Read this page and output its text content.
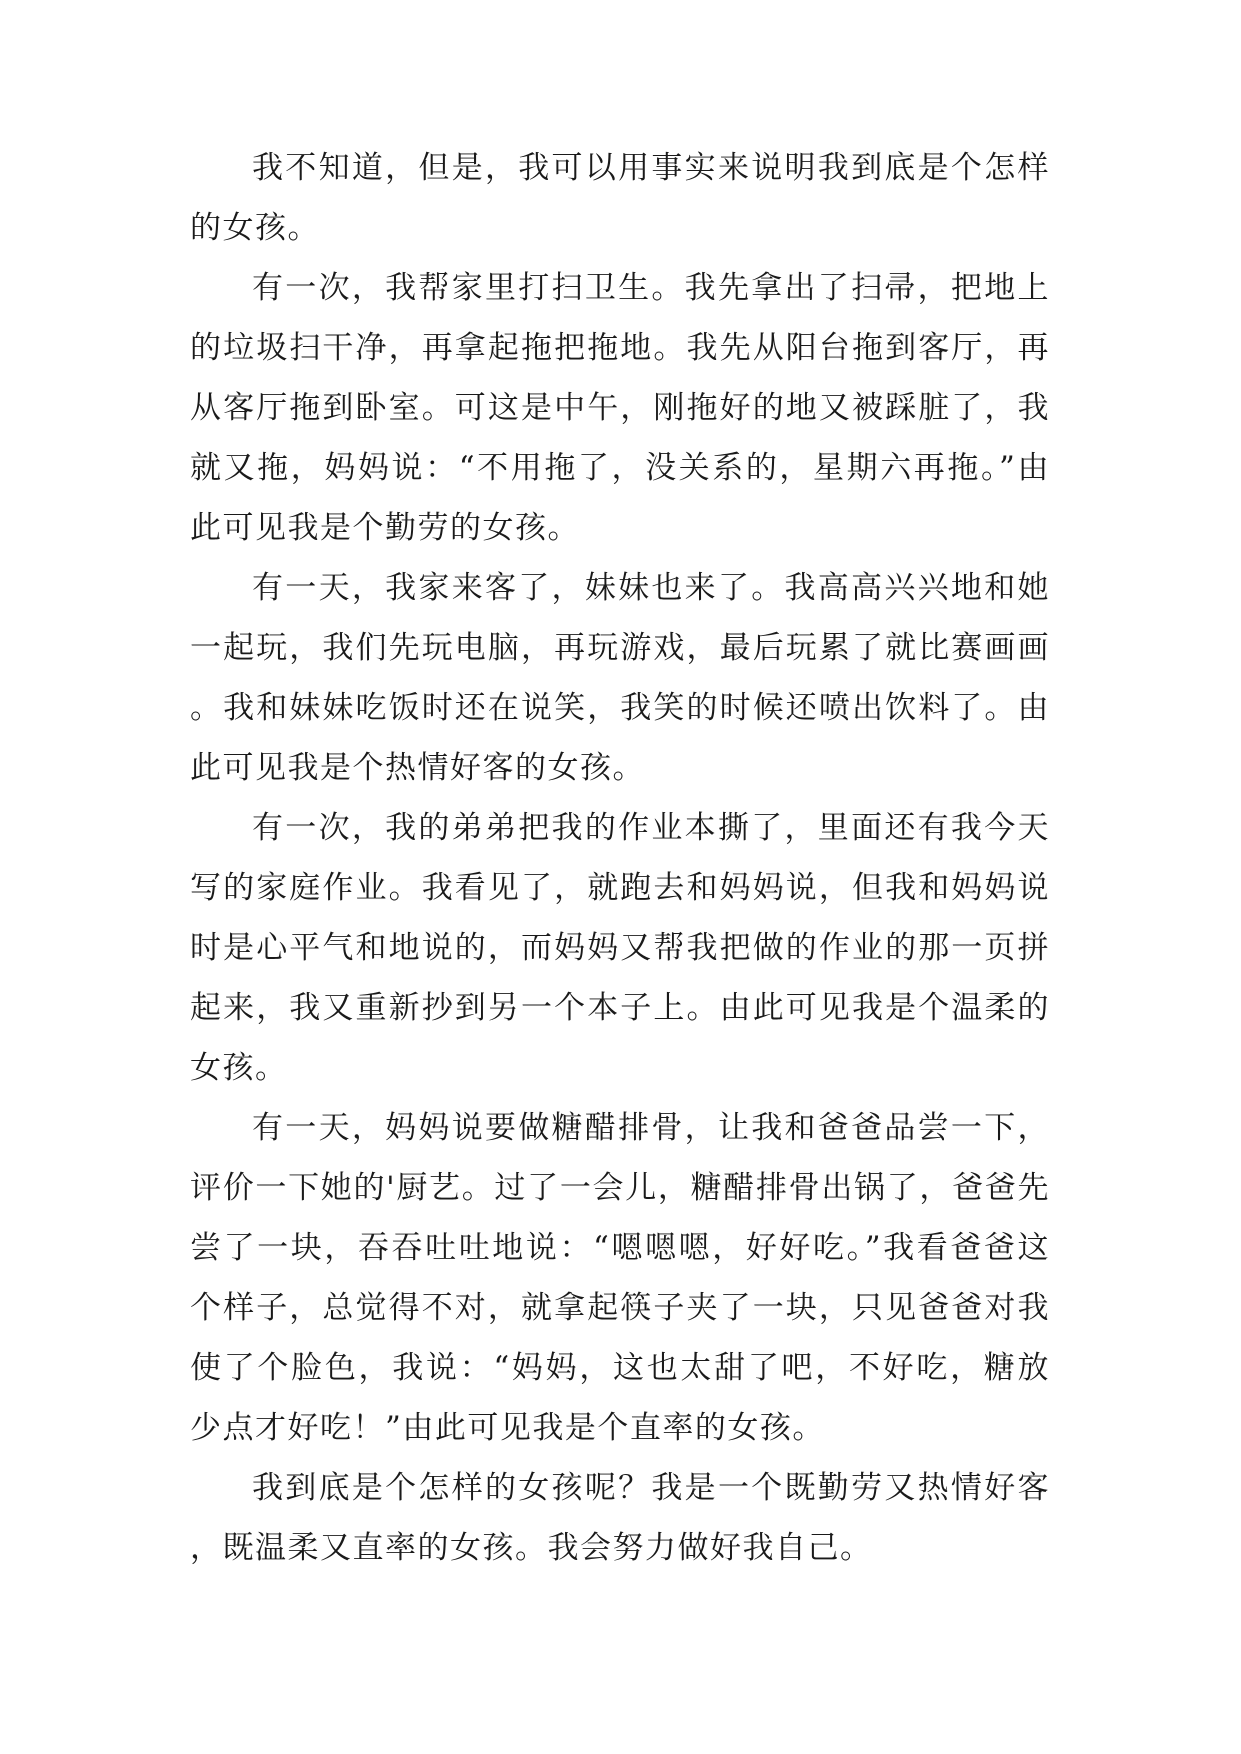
我不知道，但是，我可以用事实来说明我到底是个怎样的女孩。

有一次，我帮家里打扫卫生。我先拿出了扫帚，把地上的垃圾扫干净，再拿起拖把拖地。我先从阳台拖到客厅，再从客厅拖到卧室。可这是中午，刚拖好的地又被踩脏了，我就又拖，妈妈说：“不用拖了，没关系的，星期六再拖。”由此可见我是个勤劳的女孩。

有一天，我家来客了，妹妹也来了。我高高兴兴地和她一起玩，我们先玩电脑，再玩游戏，最后玩累了就比赛画画。我和妹妹吃饭时还在说笑，我笑的时候还喷出饮料了。由此可见我是个热情好客的女孩。

有一次，我的弟弟把我的作业本撕了，里面还有我今天写的家庭作业。我看见了，就跑去和妈妈说，但我和妈妈说时是心平气和地说的，而妈妈又帮我把做的作业的那一页拼起来，我又重新抄到另一个本子上。由此可见我是个温柔的女孩。

有一天，妈妈说要做糖醋排骨，让我和爸爸品尝一下，评价一下她的'厨艺。过了一会儿，糖醋排骨出锅了，爸爸先尝了一块，吞吞吐吐地说：“嗯嗯嗯，好好吃。”我看爸爸这个样子，总觉得不对，就拿起筷子夹了一块，只见爸爸对我使了个脸色，我说：“妈妈，这也太甜了吧，不好吃，糖放少点才好吃！”由此可见我是个直率的女孩。

我到底是个怎样的女孩呢？我是一个既勤劳又热情好客，既温柔又直率的女孩。我会努力做好我自己。
